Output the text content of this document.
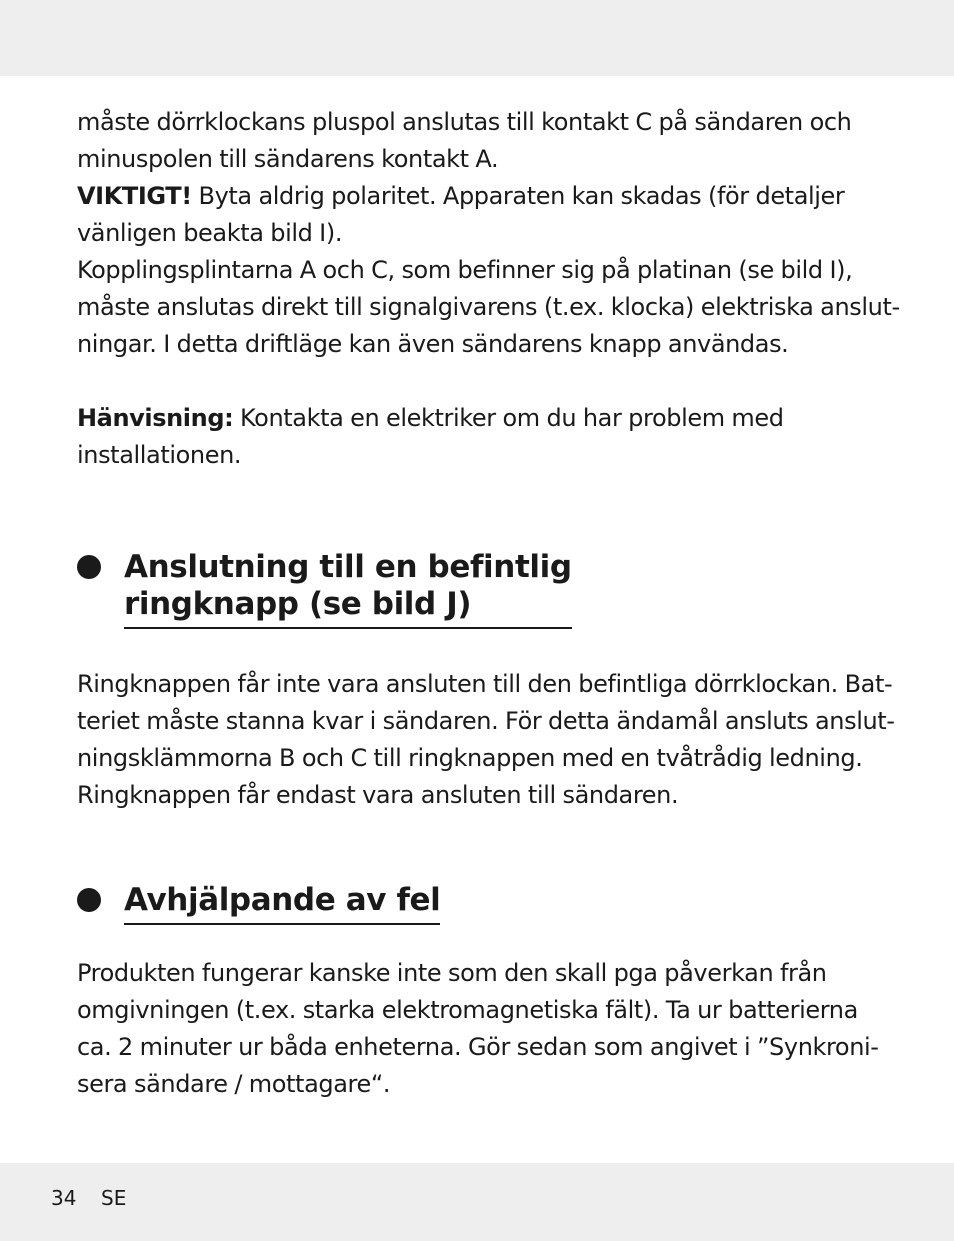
måste dörrklockans pluspol anslutas till kontakt C på sändaren och
minuspolen till sändarens kontakt A.
VIKTIGT! Byta aldrig polaritet. Apparaten kan skadas (för detaljer
vänligen beakta bild I).
Kopplingsplintarna A och C, som befinner sig på platinan (se bild I),
måste anslutas direkt till signalgivarens (t.ex. klocka) elektriska anslut-
ningar. I detta driftläge kan även sändarens knapp användas.

Hänvisning: Kontakta en elektriker om du har problem med
installationen.

Anslutning till en befintlig
ringknapp (se bild J)

Ringknappen får inte vara ansluten till den befintliga dörrklockan. Bat-
teriet måste stanna kvar i sändaren. För detta ändamål ansluts anslut-
ningsklämmorna B och C till ringknappen med en tvåtrådig ledning.
Ringknappen får endast vara ansluten till sändaren.

Avhjälpande av fel

Produkten fungerar kanske inte som den skall pga påverkan från
omgivningen (t.ex. starka elektromagnetiska fält). Ta ur batterierna
ca. 2 minuter ur båda enheterna. Gör sedan som angivet i ”Synkroni-
sera sändare / mottagare“.

34 SE
